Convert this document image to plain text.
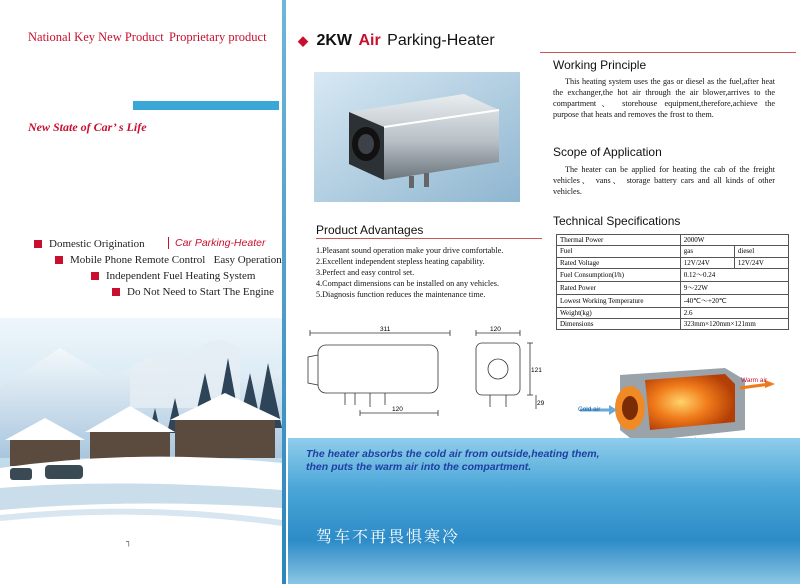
National Key New Product Proprietary product
New State of Car’ s Life
Car Parking-Heater
Domestic Origination
Mobile Phone Remote Control   Easy Operation
Independent Fuel Heating System
Do Not Need to Start The Engine
┐
◆ 2KW Air Parking-Heater
Working Principle
This heating system uses the gas or diesel as the fuel,after heat the exchanger,the hot air through the air blower,arrives to the compartment、 storehouse equipment,therefore,achieve the purpose that heats and removes the frost to them.
Scope of Application
The heater can be applied for heating the cab of the freight vehicles、 vans、 storage battery cars and all kinds of other vehicles.
Product Advantages
1.Pleasant sound operation make your drive comfortable.
2.Excellent independent stepless heating capability.
3.Perfect and easy control set.
4.Compact dimensions can be installed on any vehicles.
5.Diagnosis function reduces the maintenance time.
Technical Specifications
Thermal Power	2000W	
Fuel	gas	diesel
Rated Voltage	12V/24V	12V/24V
Fuel Consumption(l/h)	0.12～0.24	
Rated Power	9～22W	
Lowest Working Temperature	-40℃～+20℃	
Weight(kg)	2.6	
Dimensions	323mm×120mm×121mm	
311
120
120
121
29
Warm air
Cold air
The heater absorbs the cold air from outside,heating them,
then puts the warm air into the compartment.
驾车不再畏惧寒冷
